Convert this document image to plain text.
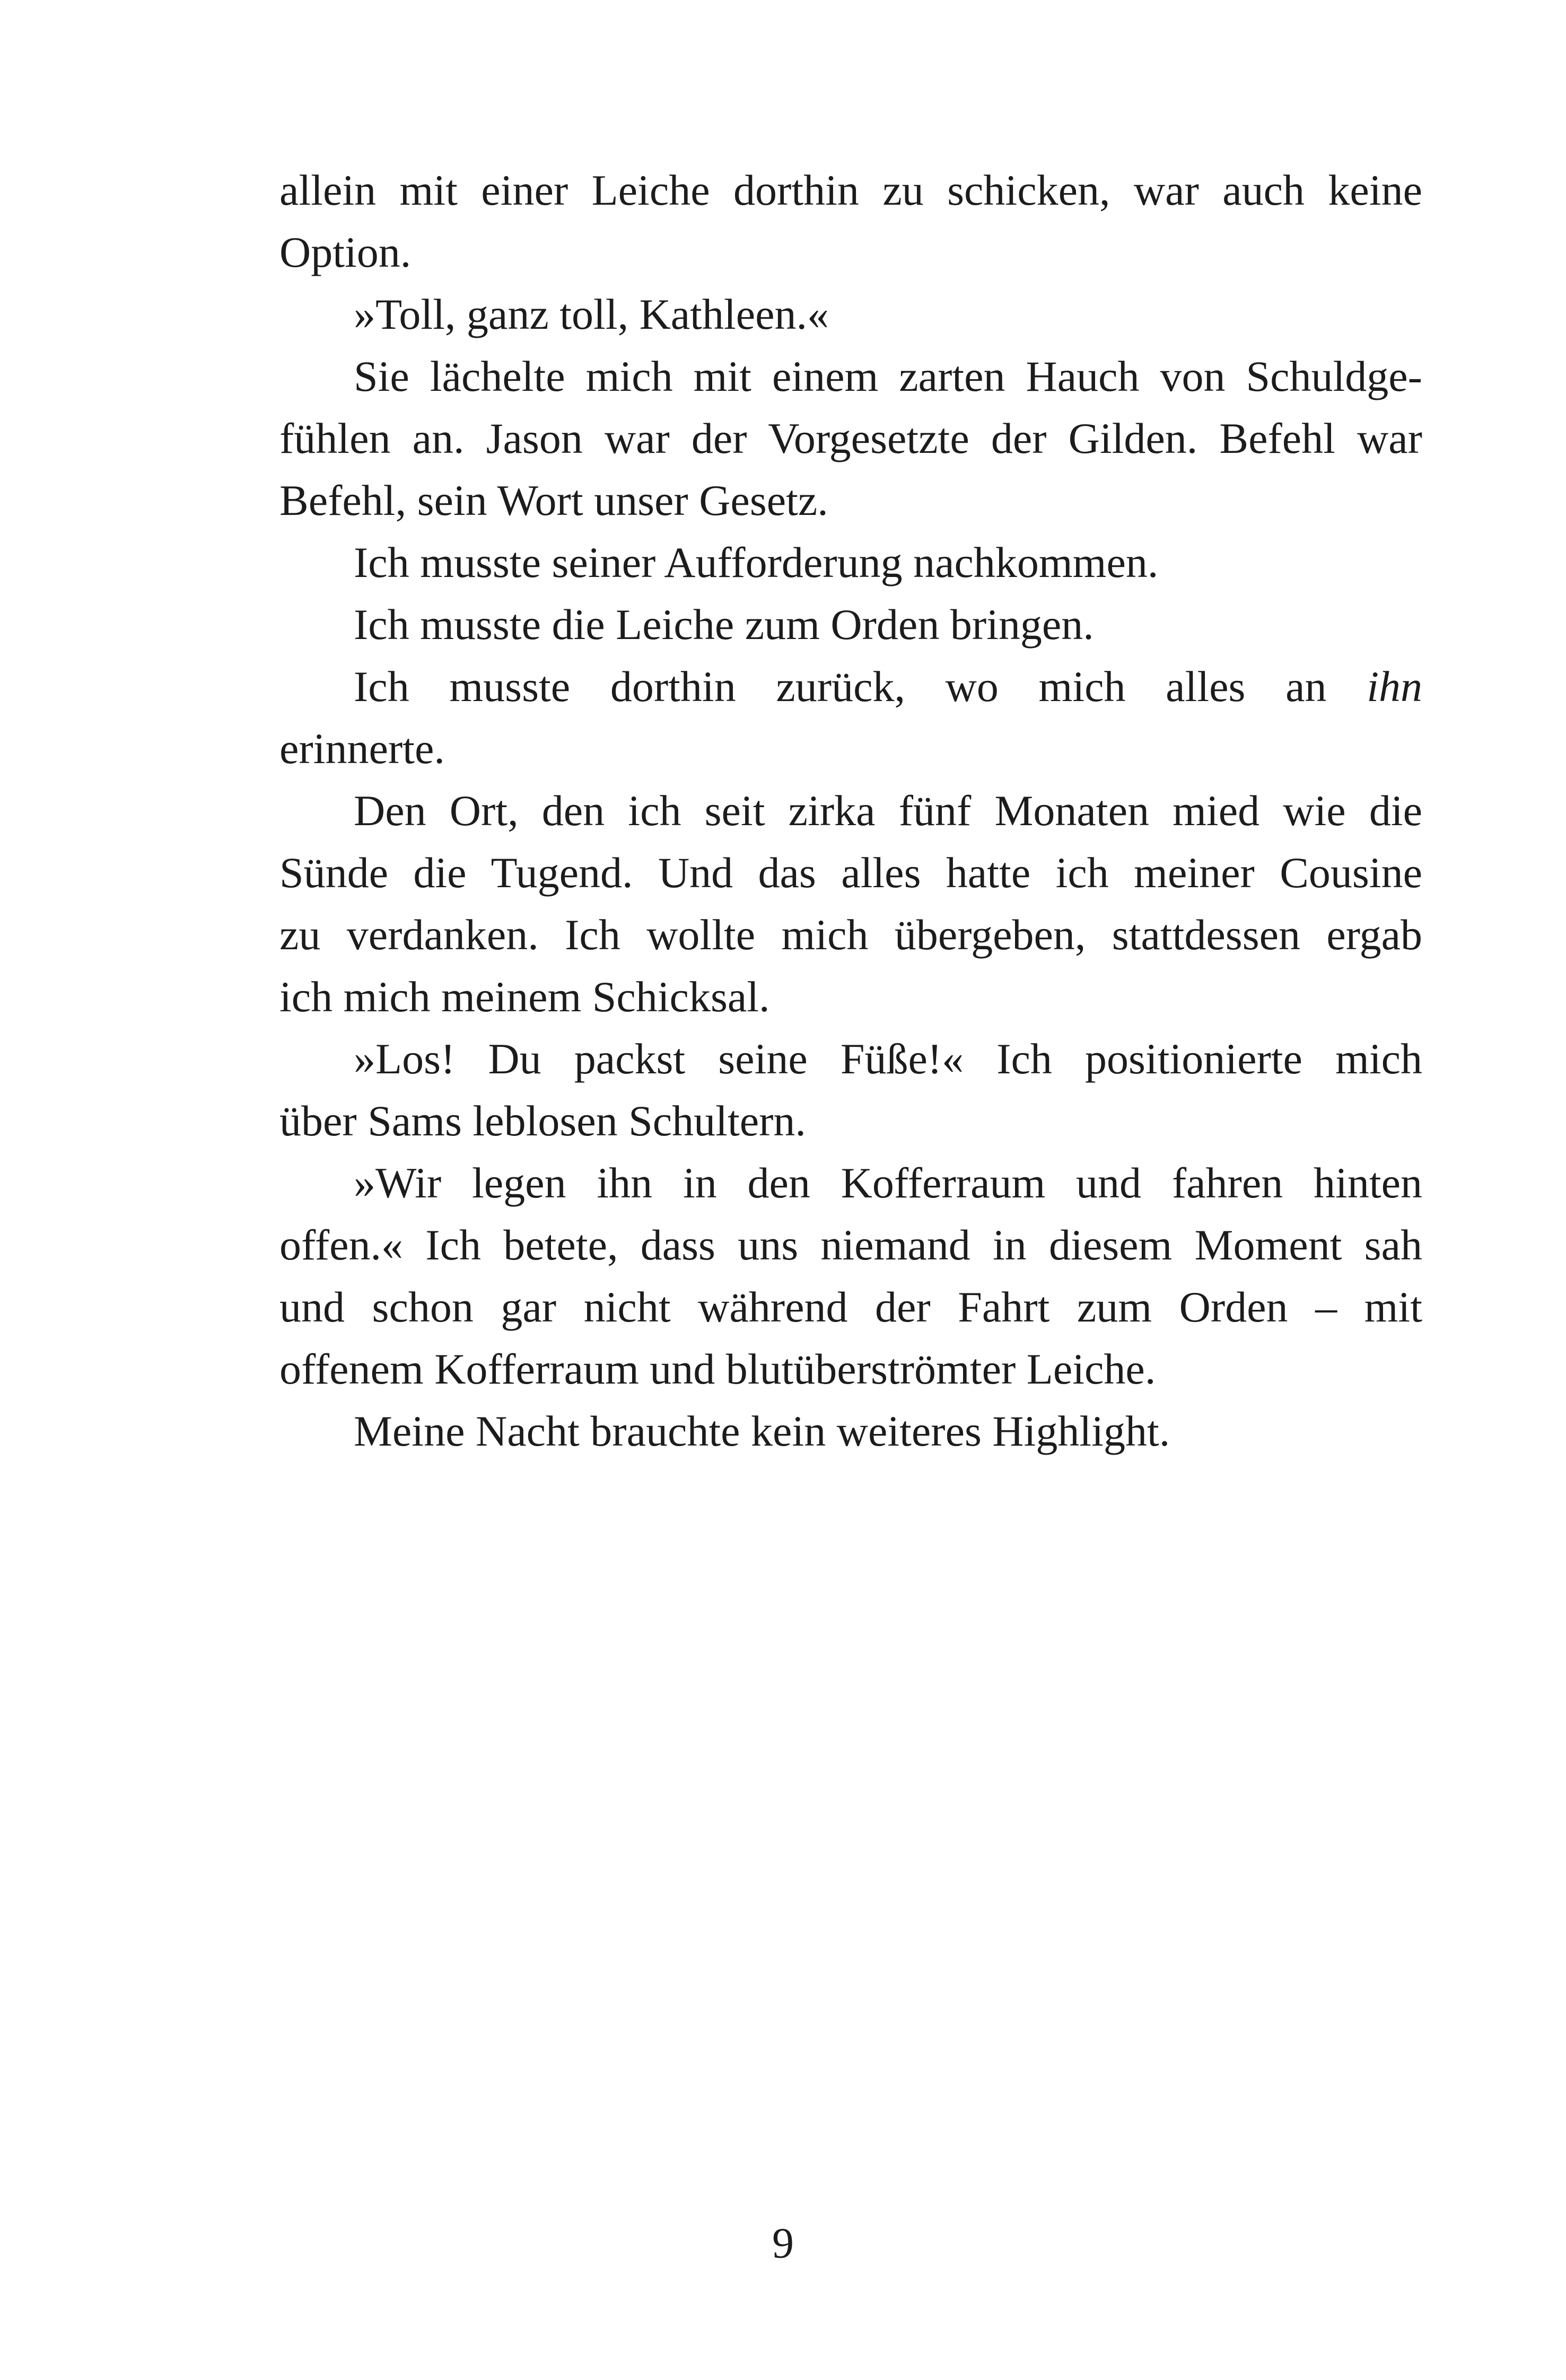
allein mit einer Leiche dorthin zu schicken, war auch keine
Option.
»Toll, ganz toll, Kathleen.«
Sie lächelte mich mit einem zarten Hauch von Schuldge-
fühlen an. Jason war der Vorgesetzte der Gilden. Befehl war
Befehl, sein Wort unser Gesetz.
Ich musste seiner Aufforderung nachkommen.
Ich musste die Leiche zum Orden bringen.
Ich musste dorthin zurück, wo mich alles an ihn
erinnerte.
Den Ort, den ich seit zirka fünf Monaten mied wie die
Sünde die Tugend. Und das alles hatte ich meiner Cousine
zu verdanken. Ich wollte mich übergeben, stattdessen ergab
ich mich meinem Schicksal.
»Los! Du packst seine Füße!« Ich positionierte mich
über Sams leblosen Schultern.
»Wir legen ihn in den Kofferraum und fahren hinten
offen.« Ich betete, dass uns niemand in diesem Moment sah
und schon gar nicht während der Fahrt zum Orden – mit
offenem Kofferraum und blutüberströmter Leiche.
Meine Nacht brauchte kein weiteres Highlight.
9
